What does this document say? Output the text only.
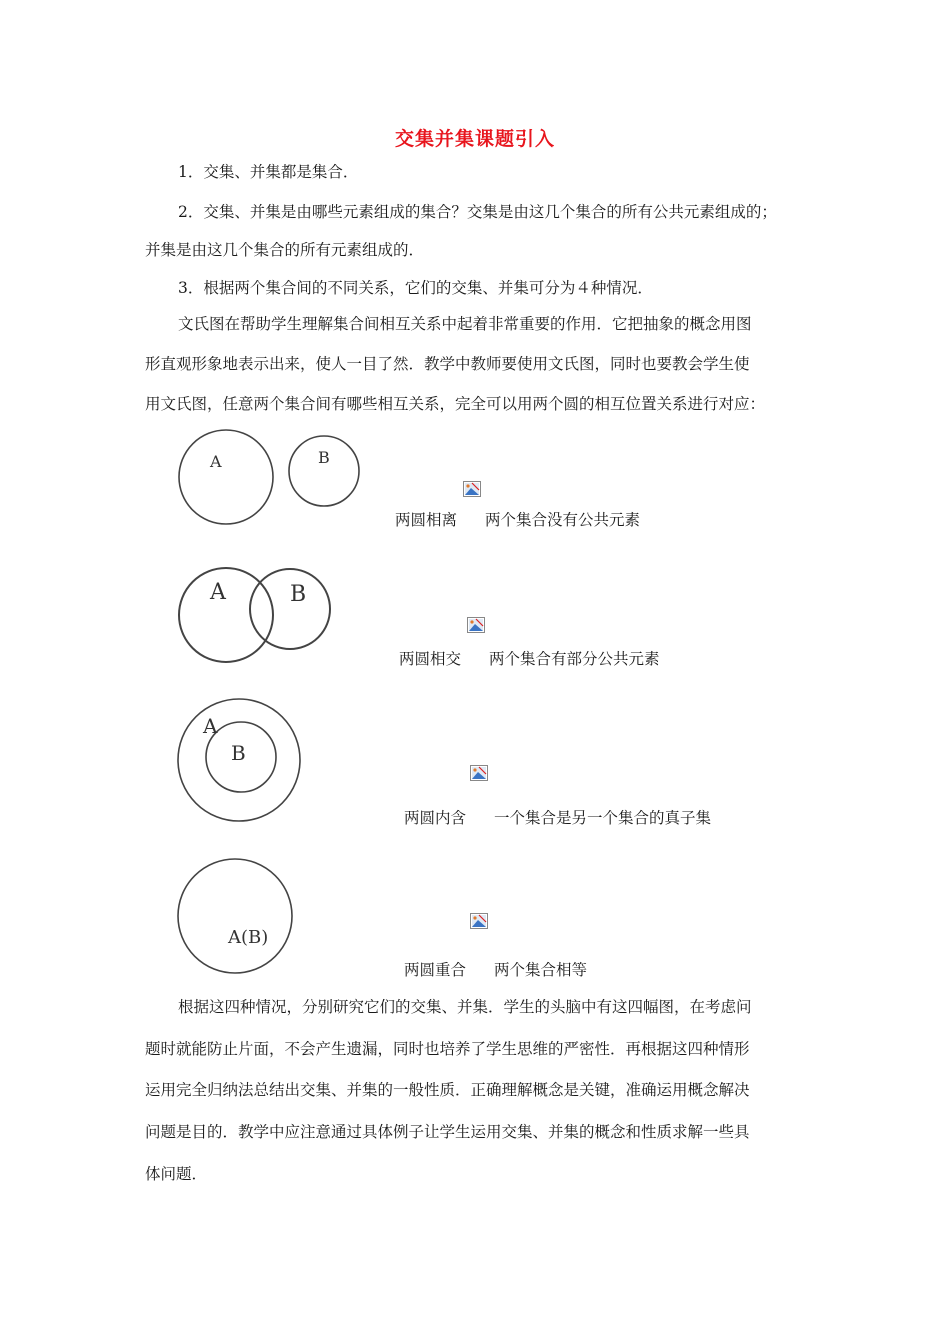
交集并集课题引入

1．交集、并集都是集合．

2．交集、并集是由哪些元素组成的集合？交集是由这几个集合的所有公共元素组成的；

并集是由这几个集合的所有元素组成的．

3．根据两个集合间的不同关系，它们的交集、并集可分为４种情况．

文氏图在帮助学生理解集合间相互关系中起着非常重要的作用．它把抽象的概念用图

形直观形象地表示出来，使人一目了然．教学中教师要使用文氏图，同时也要教会学生使

用文氏图，任意两个集合间有哪些相互关系，完全可以用两个圆的相互位置关系进行对应：

A	B
两圆相离 两个集合没有公共元素
A	B
两圆相交 两个集合有部分公共元素
A
B
两圆内含 一个集合是另一个集合的真子集
A(B)
两圆重合 两个集合相等

根据这四种情况，分别研究它们的交集、并集．学生的头脑中有这四幅图，在考虑问

题时就能防止片面，不会产生遗漏，同时也培养了学生思维的严密性．再根据这四种情形

运用完全归纳法总结出交集、并集的一般性质．正确理解概念是关键，准确运用概念解决

问题是目的．教学中应注意通过具体例子让学生运用交集、并集的概念和性质求解一些具

体问题．
